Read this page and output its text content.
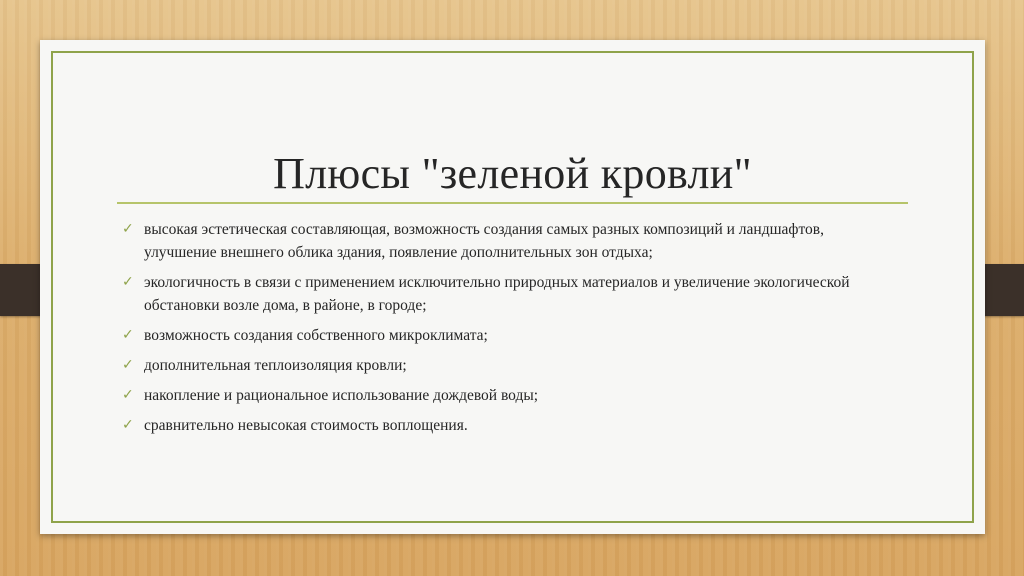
Плюсы "зеленой кровли"
✓ высокая эстетическая составляющая, возможность создания самых разных композиций и ландшафтов, улучшение внешнего облика здания, появление дополнительных зон отдыха;
✓ экологичность в связи с применением исключительно природных материалов и увеличение экологической обстановки возле дома, в районе, в городе;
✓ возможность создания собственного микроклимата;
✓ дополнительная теплоизоляция кровли;
✓ накопление и рациональное использование дождевой воды;
✓ сравнительно невысокая стоимость воплощения.
